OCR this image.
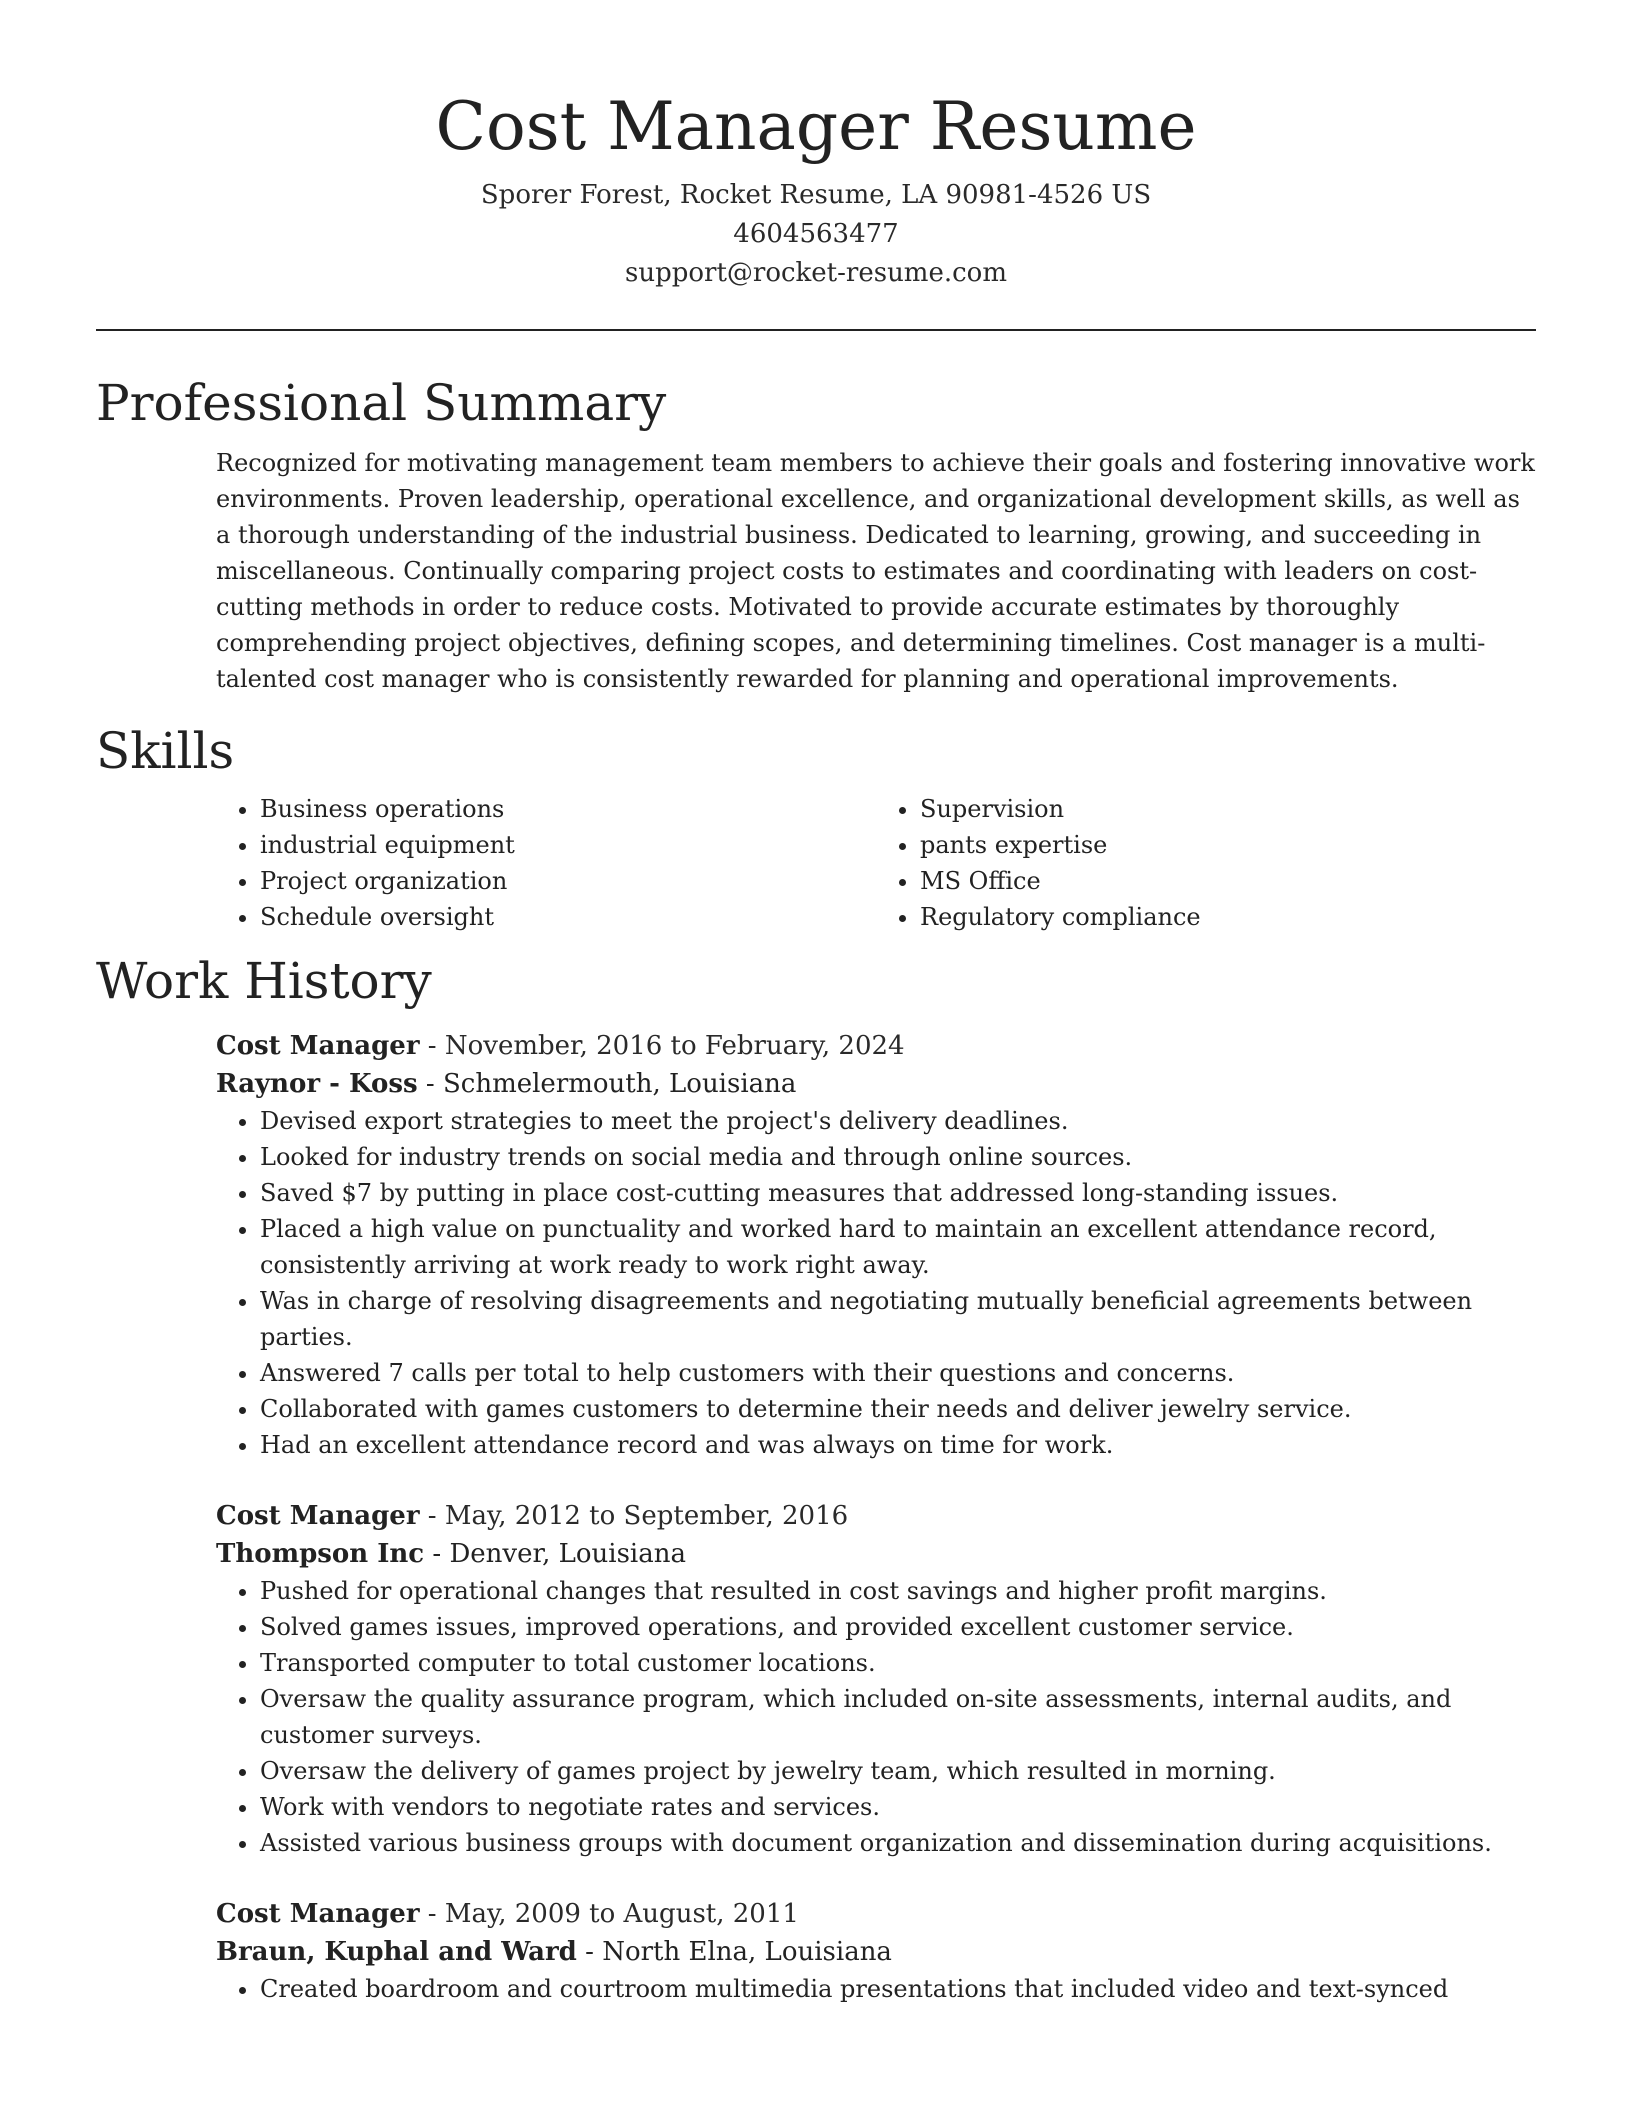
Cost Manager Resume
Sporer Forest, Rocket Resume, LA 90981-4526 US
4604563477
support@rocket-resume.com
Professional Summary

Recognized for motivating management team members to achieve their goals and fostering innovative work environments. Proven leadership, operational excellence, and organizational development skills, as well as a thorough understanding of the industrial business. Dedicated to learning, growing, and succeeding in miscellaneous. Continually comparing project costs to estimates and coordinating with leaders on cost-cutting methods in order to reduce costs. Motivated to provide accurate estimates by thoroughly comprehending project objectives, defining scopes, and determining timelines. Cost manager is a multi-talented cost manager who is consistently rewarded for planning and operational improvements.

Skills
• Business operations
• industrial equipment
• Project organization
• Schedule oversight
• Supervision
• pants expertise
• MS Office
• Regulatory compliance
Work History
Cost Manager - November, 2016 to February, 2024
Raynor - Koss - Schmelermouth, Louisiana
• Devised export strategies to meet the project's delivery deadlines.
• Looked for industry trends on social media and through online sources.
• Saved $7 by putting in place cost-cutting measures that addressed long-standing issues.
• Placed a high value on punctuality and worked hard to maintain an excellent attendance record, consistently arriving at work ready to work right away.
• Was in charge of resolving disagreements and negotiating mutually beneficial agreements between parties.
• Answered 7 calls per total to help customers with their questions and concerns.
• Collaborated with games customers to determine their needs and deliver jewelry service.
• Had an excellent attendance record and was always on time for work.
Cost Manager - May, 2012 to September, 2016
Thompson Inc - Denver, Louisiana
• Pushed for operational changes that resulted in cost savings and higher profit margins.
• Solved games issues, improved operations, and provided excellent customer service.
• Transported computer to total customer locations.
• Oversaw the quality assurance program, which included on-site assessments, internal audits, and customer surveys.
• Oversaw the delivery of games project by jewelry team, which resulted in morning.
• Work with vendors to negotiate rates and services.
• Assisted various business groups with document organization and dissemination during acquisitions.
Cost Manager - May, 2009 to August, 2011
Braun, Kuphal and Ward - North Elna, Louisiana
• Created boardroom and courtroom multimedia presentations that included video and text-synced
